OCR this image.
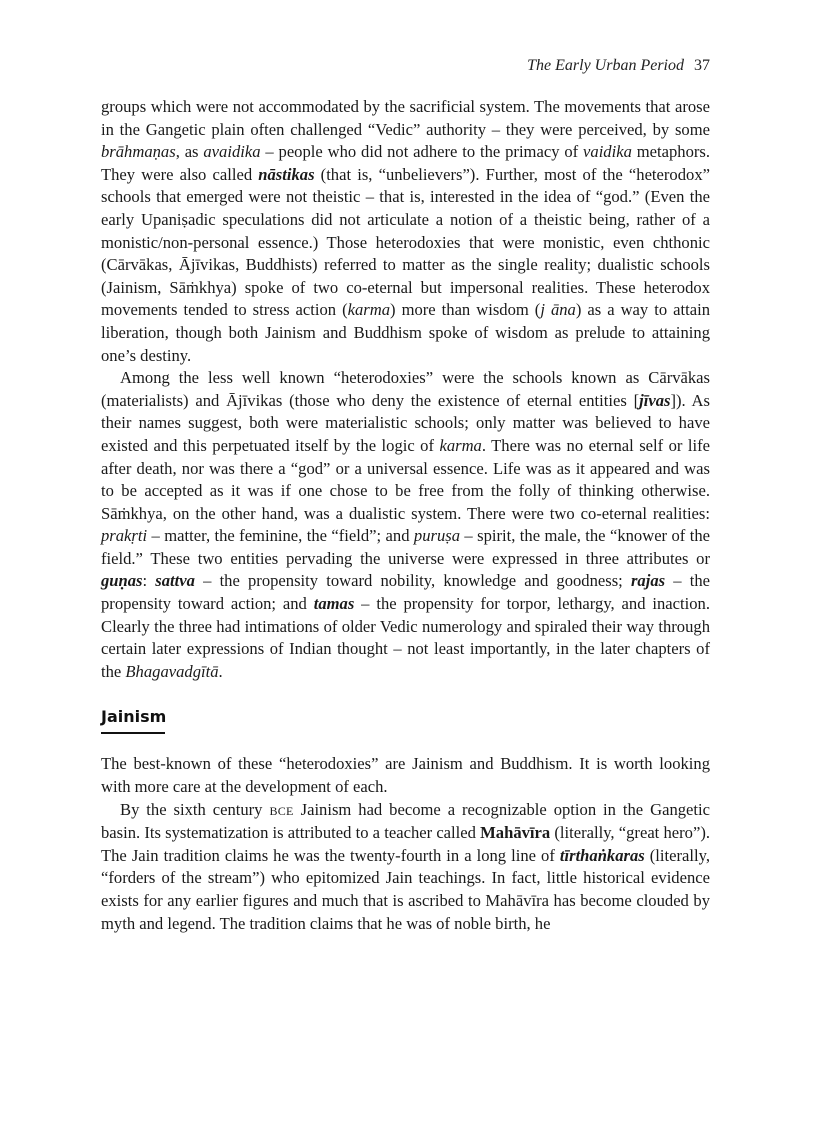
The Early Urban Period 37

groups which were not accommodated by the sacrificial system. The movements that arose in the Gangetic plain often challenged “Vedic” authority – they were perceived, by some brāhmaṇas, as avaidika – people who did not adhere to the primacy of vaidika metaphors. They were also called nāstikas (that is, “unbelievers”). Further, most of the “heterodox” schools that emerged were not theistic – that is, interested in the idea of “god.” (Even the early Upaniṣadic speculations did not articulate a notion of a theistic being, rather of a monistic/non-personal essence.) Those heterodoxies that were monistic, even chthonic (Cārvākas, Ājīvikas, Buddhists) referred to matter as the single reality; dualistic schools (Jainism, Sāṁkhya) spoke of two co-eternal but impersonal realities. These heterodox movements tended to stress action (karma) more than wisdom (j āna) as a way to attain liberation, though both Jainism and Buddhism spoke of wisdom as prelude to attaining one’s destiny.

Among the less well known “heterodoxies” were the schools known as Cārvākas (materialists) and Ājīvikas (those who deny the existence of eternal entities [jīvas]). As their names suggest, both were materialistic schools; only matter was believed to have existed and this perpetuated itself by the logic of karma. There was no eternal self or life after death, nor was there a “god” or a universal essence. Life was as it appeared and was to be accepted as it was if one chose to be free from the folly of thinking otherwise. Sāṁkhya, on the other hand, was a dualistic system. There were two co-eternal realities: prakṛti – matter, the feminine, the “field”; and puruṣa – spirit, the male, the “knower of the field.” These two entities pervading the universe were expressed in three attributes or guṇas: sattva – the propensity toward nobility, knowledge and goodness; rajas – the propensity toward action; and tamas – the propensity for torpor, lethargy, and inaction. Clearly the three had intimations of older Vedic numerology and spiraled their way through certain later expressions of Indian thought – not least importantly, in the later chapters of the Bhagavadgītā.

Jainism

The best-known of these “heterodoxies” are Jainism and Buddhism. It is worth looking with more care at the development of each.

By the sixth century BCE Jainism had become a recognizable option in the Gangetic basin. Its systematization is attributed to a teacher called Mahāvīra (literally, “great hero”). The Jain tradition claims he was the twenty-fourth in a long line of tīrthaṅkaras (literally, “forders of the stream”) who epitomized Jain teachings. In fact, little historical evidence exists for any earlier figures and much that is ascribed to Mahāvīra has become clouded by myth and legend. The tradition claims that he was of noble birth, he
